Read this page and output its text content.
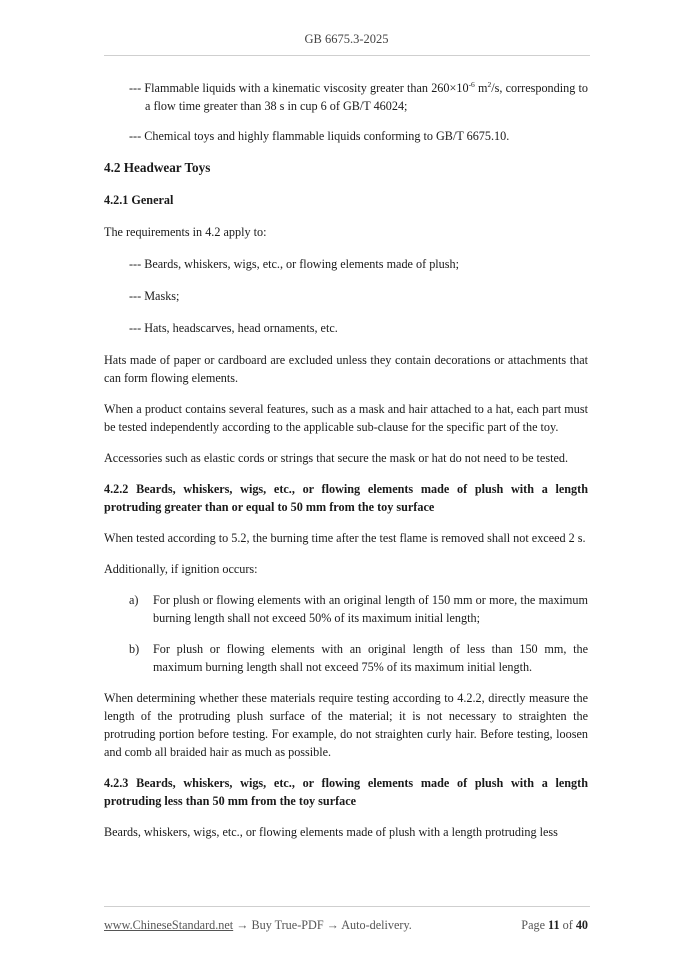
GB 6675.3-2025

--- Flammable liquids with a kinematic viscosity greater than $260\times 10^{-6}$ $m^2/s$, corresponding to a flow time greater than 38 s in cup 6 of GB/T 46024;

--- Chemical toys and highly flammable liquids conforming to GB/T 6675.10.

4.2 Headwear Toys

4.2.1 General

The requirements in 4.2 apply to:

--- Beards, whiskers, wigs, etc., or flowing elements made of plush;

--- Masks;

--- Hats, headscarves, head ornaments, etc.

Hats made of paper or cardboard are excluded unless they contain decorations or attachments that can form flowing elements.

When a product contains several features, such as a mask and hair attached to a hat, each part must be tested independently according to the applicable sub-clause for the specific part of the toy.

Accessories such as elastic cords or strings that secure the mask or hat do not need to be tested.

4.2.2 Beards, whiskers, wigs, etc., or flowing elements made of plush with a length protruding greater than or equal to 50 mm from the toy surface

When tested according to 5.2, the burning time after the test flame is removed shall not exceed 2 s.

Additionally, if ignition occurs:

a) For plush or flowing elements with an original length of 150 mm or more, the maximum burning length shall not exceed 50% of its maximum initial length;
b) For plush or flowing elements with an original length of less than 150 mm, the maximum burning length shall not exceed 75% of its maximum initial length.

When determining whether these materials require testing according to 4.2.2, directly measure the length of the protruding plush surface of the material; it is not necessary to straighten the protruding portion before testing. For example, do not straighten curly hair. Before testing, loosen and comb all braided hair as much as possible.

4.2.3 Beards, whiskers, wigs, etc., or flowing elements made of plush with a length protruding less than 50 mm from the toy surface

Beards, whiskers, wigs, etc., or flowing elements made of plush with a length protruding less

www.ChineseStandard.net → Buy True-PDF → Auto-delivery.	Page 11 of 40
